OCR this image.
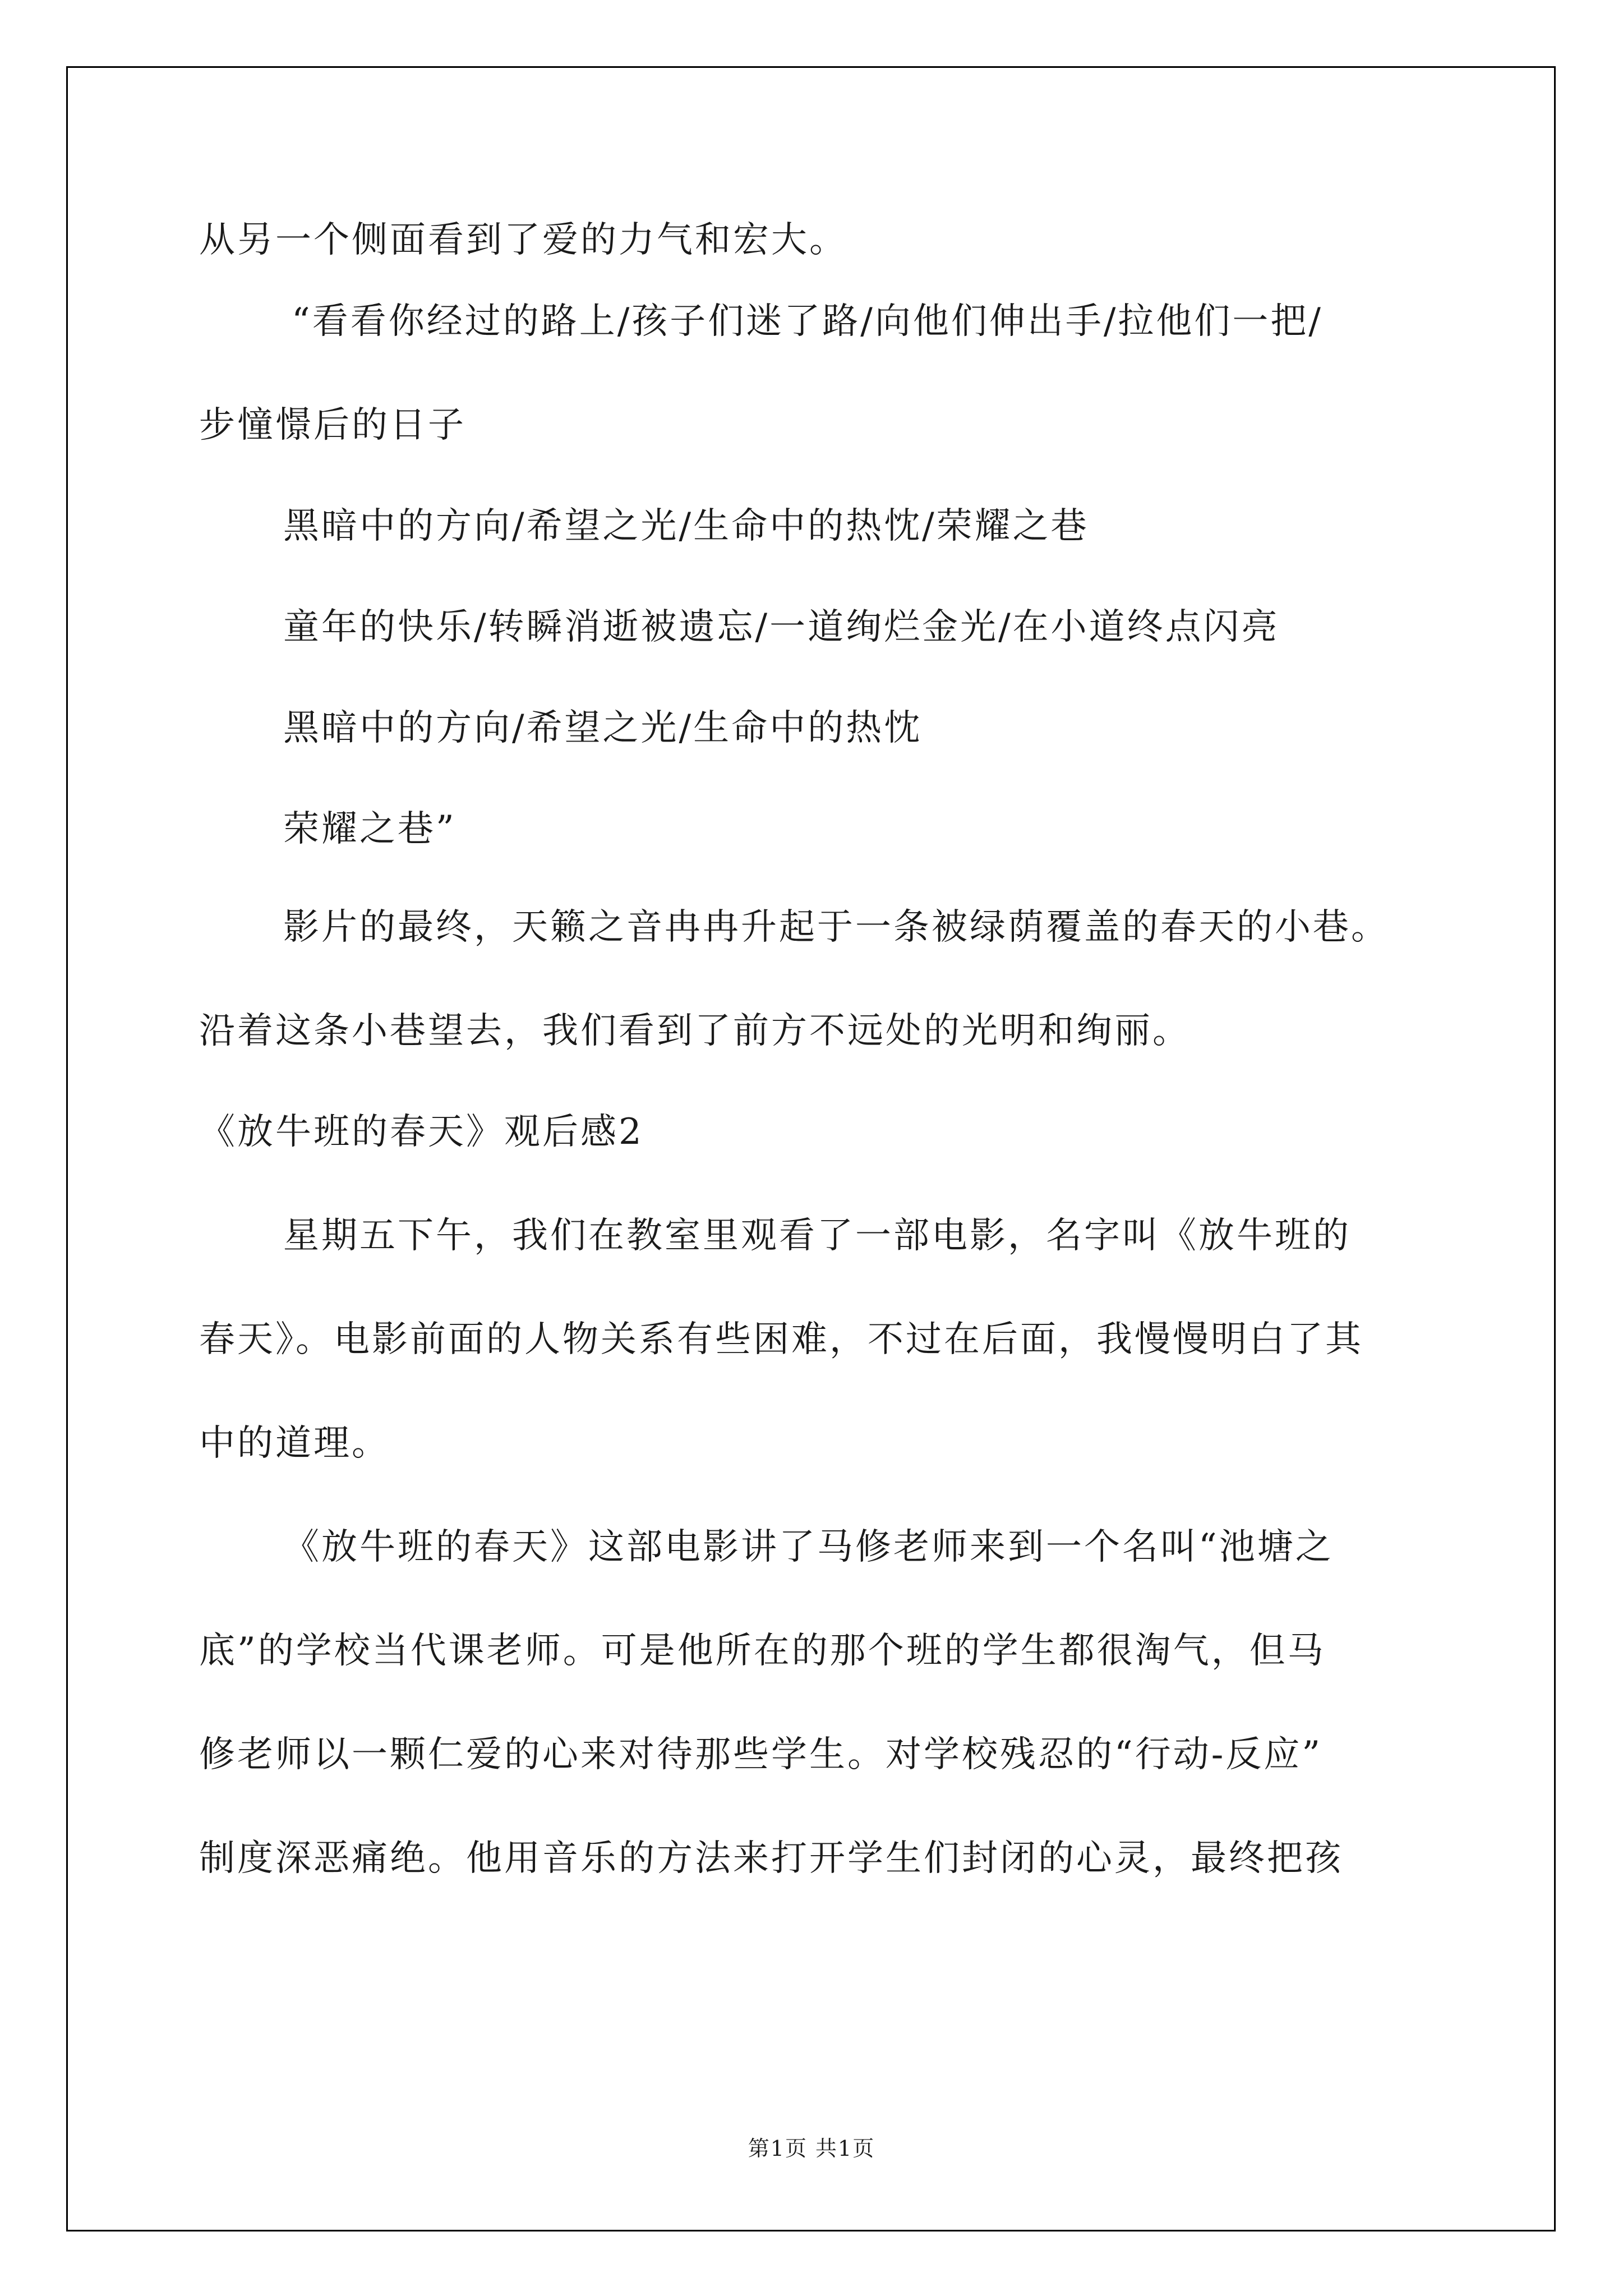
从另一个侧面看到了爱的力气和宏大。
“看看你经过的路上/孩子们迷了路/向他们伸出手/拉他们一把/
步憧憬后的日子
黑暗中的方向/希望之光/生命中的热忱/荣耀之巷
童年的快乐/转瞬消逝被遗忘/一道绚烂金光/在小道终点闪亮
黑暗中的方向/希望之光/生命中的热忱
荣耀之巷”
影片的最终，天籁之音冉冉升起于一条被绿荫覆盖的春天的小巷。
沿着这条小巷望去，我们看到了前方不远处的光明和绚丽。
《放牛班的春天》观后感2
星期五下午，我们在教室里观看了一部电影，名字叫《放牛班的
春天》。电影前面的人物关系有些困难，不过在后面，我慢慢明白了其
中的道理。
《放牛班的春天》这部电影讲了马修老师来到一个名叫“池塘之
底”的学校当代课老师。可是他所在的那个班的学生都很淘气，但马
修老师以一颗仁爱的心来对待那些学生。对学校残忍的“行动-反应”
制度深恶痛绝。他用音乐的方法来打开学生们封闭的心灵，最终把孩
第1页 共1页
